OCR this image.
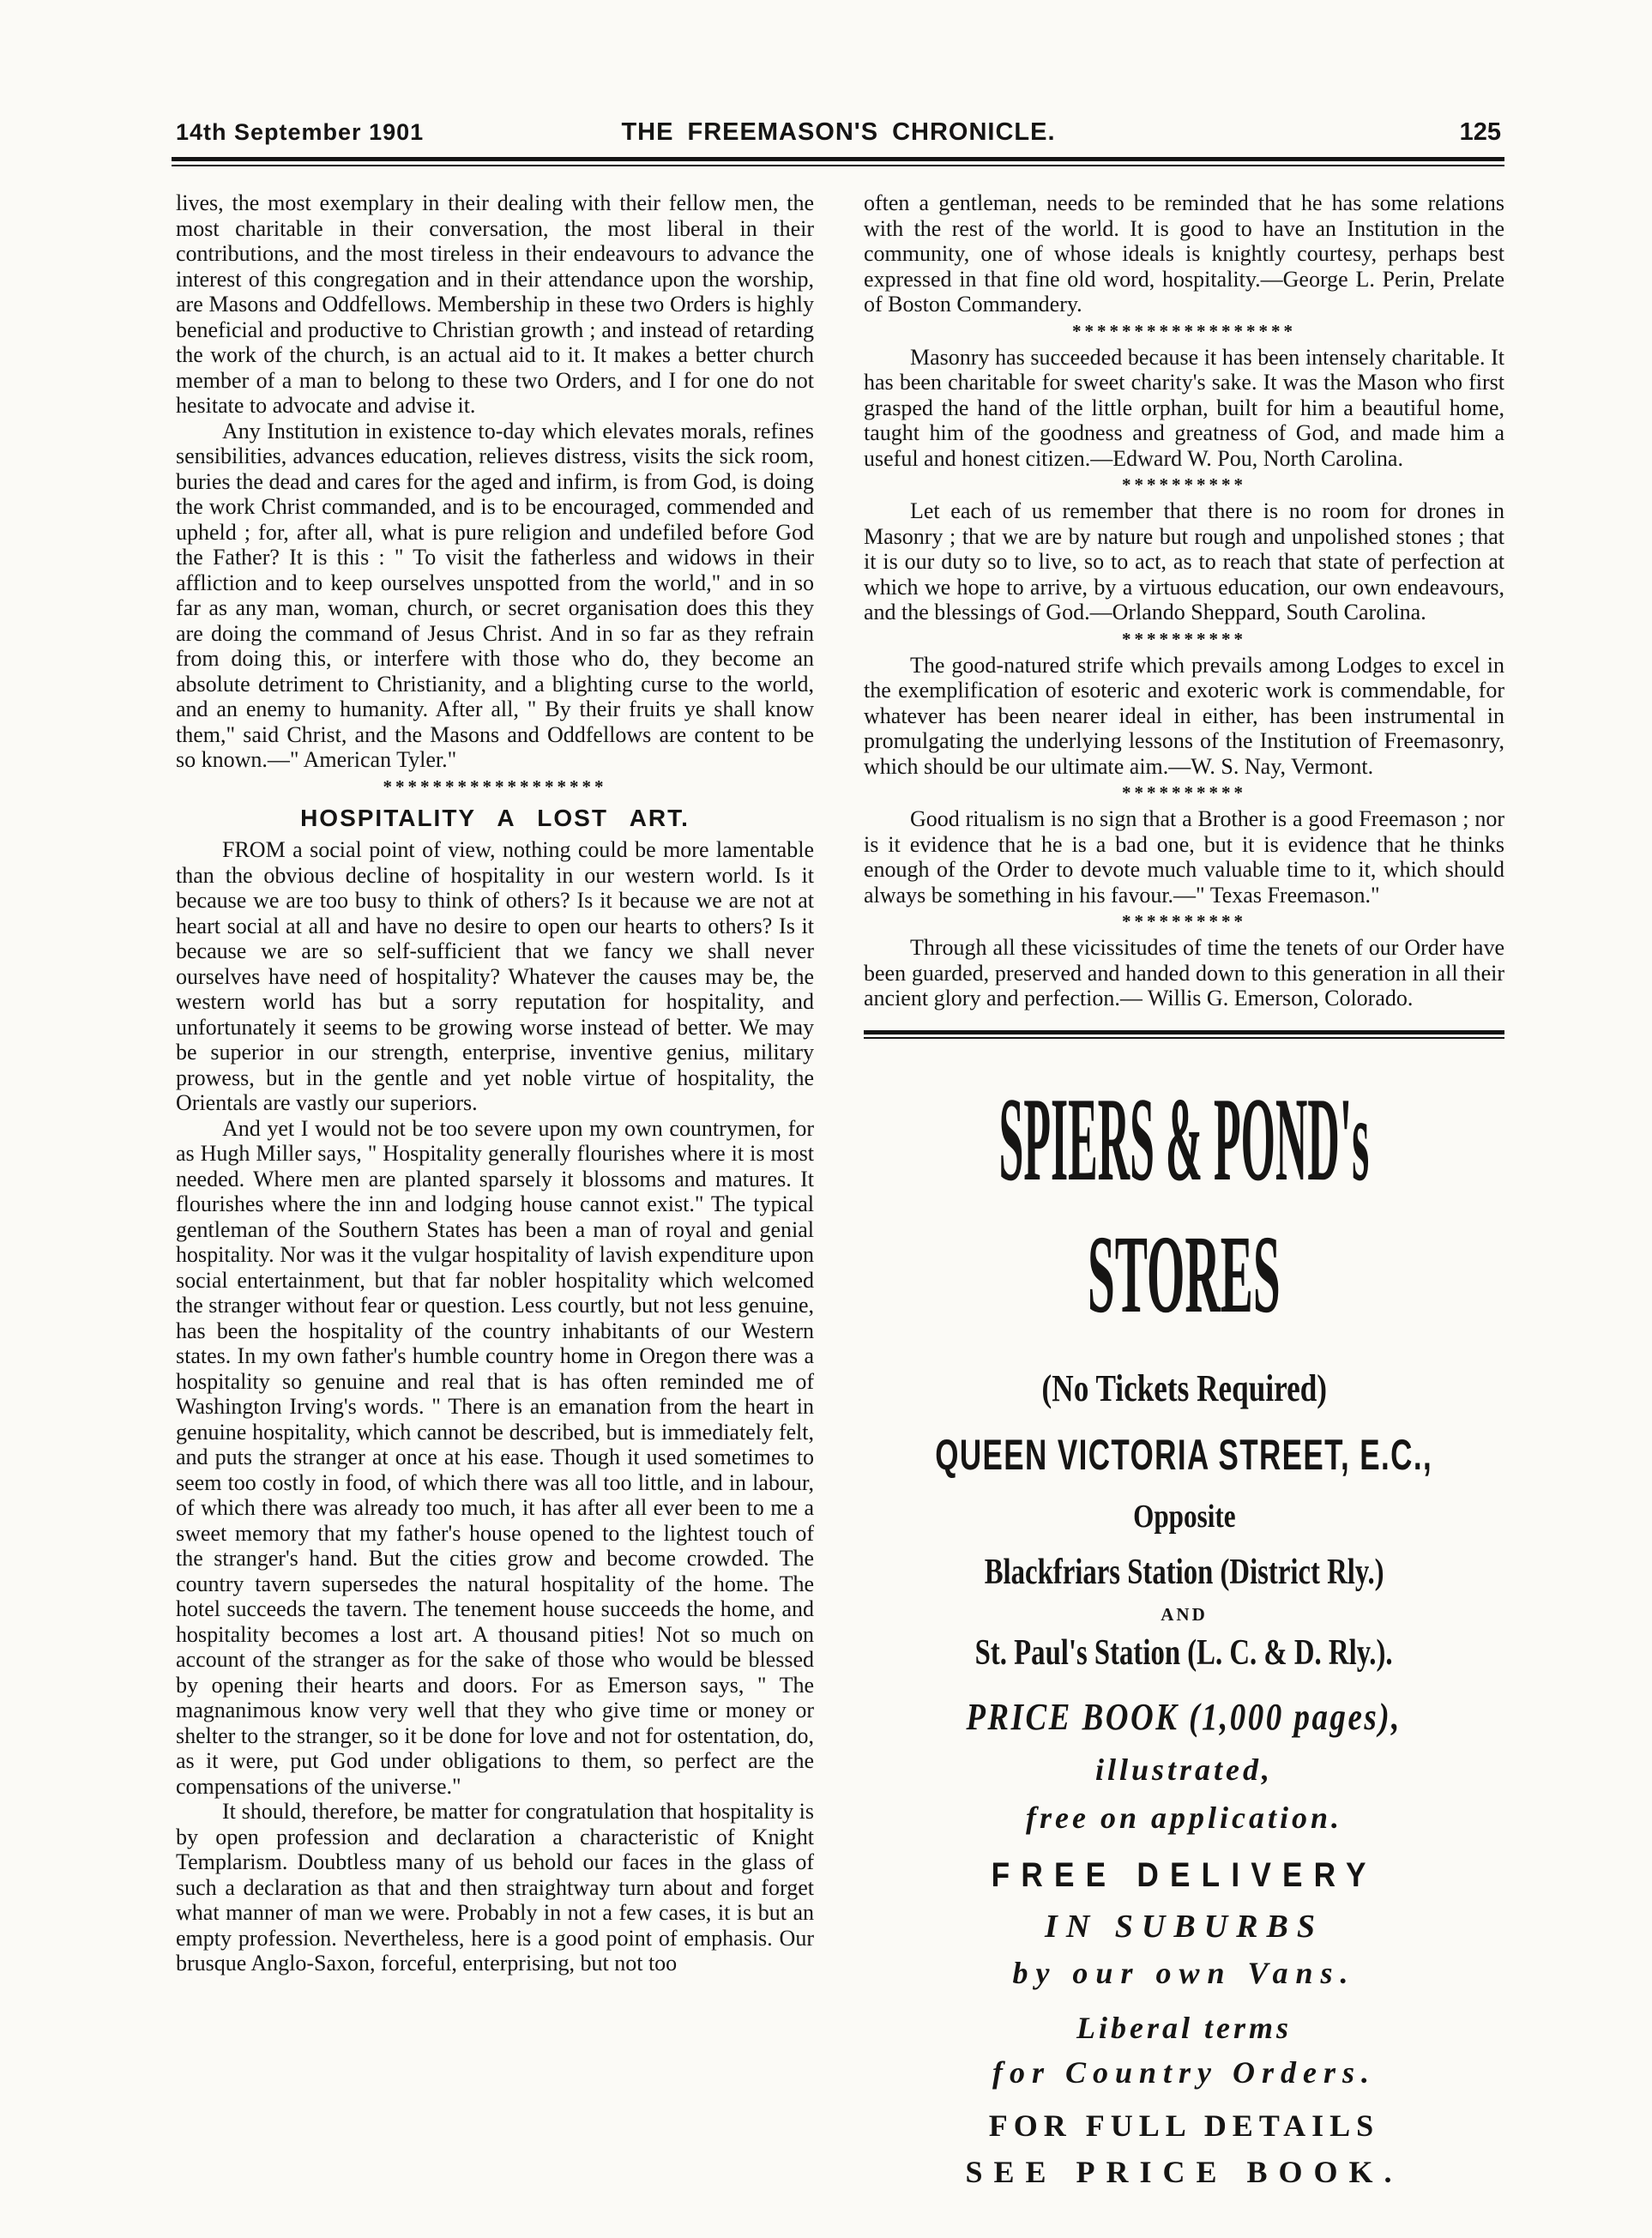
14th September 1901	THE FREEMASON'S CHRONICLE.	125

lives, the most exemplary in their dealing with their fellow men, the most charitable in their conversation, the most liberal in their contributions, and the most tireless in their endeavours to advance the interest of this congregation and in their attendance upon the worship, are Masons and Oddfellows. Membership in these two Orders is highly beneficial and productive to Christian growth ; and instead of retarding the work of the church, is an actual aid to it. It makes a better church member of a man to belong to these two Orders, and I for one do not hesitate to advocate and advise it.

Any Institution in existence to-day which elevates morals, refines sensibilities, advances education, relieves distress, visits the sick room, buries the dead and cares for the aged and infirm, is from God, is doing the work Christ commanded, and is to be encouraged, commended and upheld ; for, after all, what is pure religion and undefiled before God the Father? It is this : " To visit the fatherless and widows in their affliction and to keep ourselves unspotted from the world," and in so far as any man, woman, church, or secret organisation does this they are doing the command of Jesus Christ. And in so far as they refrain from doing this, or interfere with those who do, they become an absolute detriment to Christianity, and a blighting curse to the world, and an enemy to humanity. After all, " By their fruits ye shall know them," said Christ, and the Masons and Oddfellows are content to be so known.—" American Tyler."

******************
HOSPITALITY A LOST ART.

FROM a social point of view, nothing could be more lamentable than the obvious decline of hospitality in our western world. Is it because we are too busy to think of others? Is it because we are not at heart social at all and have no desire to open our hearts to others? Is it because we are so self-sufficient that we fancy we shall never ourselves have need of hospitality? Whatever the causes may be, the western world has but a sorry reputation for hospitality, and unfortunately it seems to be growing worse instead of better. We may be superior in our strength, enterprise, inventive genius, military prowess, but in the gentle and yet noble virtue of hospitality, the Orientals are vastly our superiors.

And yet I would not be too severe upon my own countrymen, for as Hugh Miller says, " Hospitality generally flourishes where it is most needed. Where men are planted sparsely it blossoms and matures. It flourishes where the inn and lodging house cannot exist." The typical gentleman of the Southern States has been a man of royal and genial hospitality. Nor was it the vulgar hospitality of lavish expenditure upon social entertainment, but that far nobler hospitality which welcomed the stranger without fear or question. Less courtly, but not less genuine, has been the hospitality of the country inhabitants of our Western states. In my own father's humble country home in Oregon there was a hospitality so genuine and real that is has often reminded me of Washington Irving's words. " There is an emanation from the heart in genuine hospitality, which cannot be described, but is immediately felt, and puts the stranger at once at his ease. Though it used sometimes to seem too costly in food, of which there was all too little, and in labour, of which there was already too much, it has after all ever been to me a sweet memory that my father's house opened to the lightest touch of the stranger's hand. But the cities grow and become crowded. The country tavern supersedes the natural hospitality of the home. The hotel succeeds the tavern. The tenement house succeeds the home, and hospitality becomes a lost art. A thousand pities! Not so much on account of the stranger as for the sake of those who would be blessed by opening their hearts and doors. For as Emerson says, " The magnanimous know very well that they who give time or money or shelter to the stranger, so it be done for love and not for ostentation, do, as it were, put God under obligations to them, so perfect are the compensations of the universe."

It should, therefore, be matter for congratulation that hospitality is by open profession and declaration a characteristic of Knight Templarism. Doubtless many of us behold our faces in the glass of such a declaration as that and then straightway turn about and forget what manner of man we were. Probably in not a few cases, it is but an empty profession. Nevertheless, here is a good point of emphasis. Our brusque Anglo-Saxon, forceful, enterprising, but not too

often a gentleman, needs to be reminded that he has some relations with the rest of the world. It is good to have an Institution in the community, one of whose ideals is knightly courtesy, perhaps best expressed in that fine old word, hospitality.—George L. Perin, Prelate of Boston Commandery.

******************

Masonry has succeeded because it has been intensely charitable. It has been charitable for sweet charity's sake. It was the Mason who first grasped the hand of the little orphan, built for him a beautiful home, taught him of the goodness and greatness of God, and made him a useful and honest citizen.—Edward W. Pou, North Carolina.

**********

Let each of us remember that there is no room for drones in Masonry ; that we are by nature but rough and unpolished stones ; that it is our duty so to live, so to act, as to reach that state of perfection at which we hope to arrive, by a virtuous education, our own endeavours, and the blessings of God.—Orlando Sheppard, South Carolina.

**********

The good-natured strife which prevails among Lodges to excel in the exemplification of esoteric and exoteric work is commendable, for whatever has been nearer ideal in either, has been instrumental in promulgating the underlying lessons of the Institution of Freemasonry, which should be our ultimate aim.—W. S. Nay, Vermont.

**********

Good ritualism is no sign that a Brother is a good Freemason ; nor is it evidence that he is a bad one, but it is evidence that he thinks enough of the Order to devote much valuable time to it, which should always be something in his favour.—" Texas Freemason."

**********

Through all these vicissitudes of time the tenets of our Order have been guarded, preserved and handed down to this generation in all their ancient glory and perfection.— Willis G. Emerson, Colorado.

SPIERS & POND's
STORES
(No Tickets Required)
QUEEN VICTORIA STREET, E.C.,
Opposite
Blackfriars Station (District Rly.)
AND
St. Paul's Station (L. C. & D. Rly.).
PRICE BOOK (1,000 pages),
illustrated,
free on application.
FREE DELIVERY
IN SUBURBS
by our own Vans.
Liberal terms
for Country Orders.
FOR FULL DETAILS
SEE PRICE BOOK.
